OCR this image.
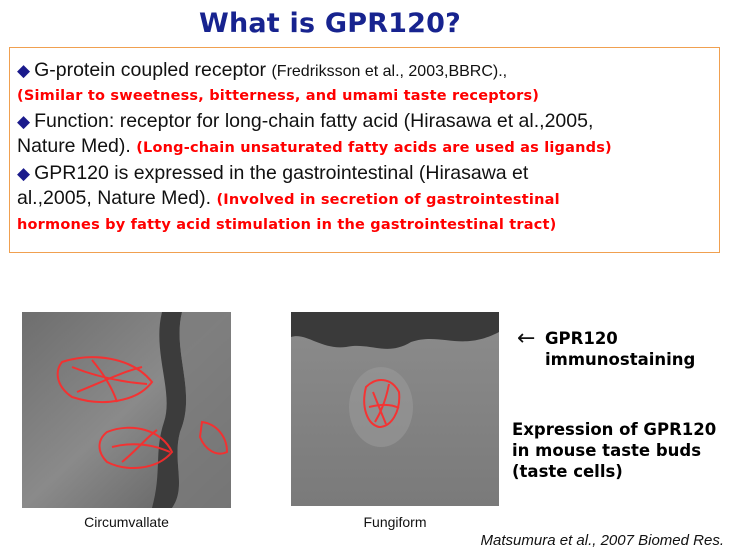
What is GPR120?
◆ G-protein coupled receptor (Fredriksson et al., 2003,BBRC).,
(Similar to sweetness, bitterness, and umami taste receptors)
◆ Function: receptor for long-chain fatty acid (Hirasawa et al.,2005,
Nature Med). (Long-chain unsaturated fatty acids are used as ligands)
◆ GPR120 is expressed in the gastrointestinal (Hirasawa et
al.,2005, Nature Med). (Involved in secretion of gastrointestinal
hormones by fatty acid stimulation in the gastrointestinal tract)
Circumvallate	Fungiform
← GPR120
immunostaining
Expression of GPR120
in mouse taste buds
(taste cells)
Matsumura et al., 2007 Biomed Res.
